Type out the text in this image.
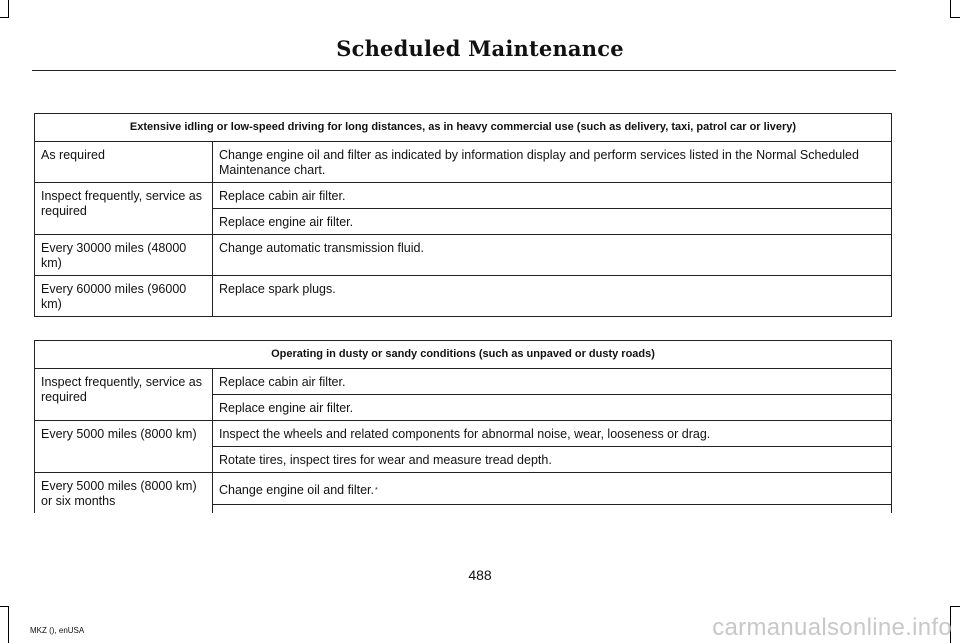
Scheduled Maintenance
Extensive idling or low-speed driving for long distances, as in heavy commercial use (such as delivery, taxi, patrol car or livery)	
As required	Change engine oil and filter as indicated by information display and perform services listed in the Normal Scheduled Maintenance chart.
Inspect frequently, service as required	Replace cabin air filter.
	Replace engine air filter.
Every 30000 miles (48000 km)	Change automatic transmission fluid.
Every 60000 miles (96000 km)	Replace spark plugs.
Operating in dusty or sandy conditions (such as unpaved or dusty roads)	
Inspect frequently, service as required	Replace cabin air filter.
	Replace engine air filter.
Every 5000 miles (8000 km)	Inspect the wheels and related components for abnormal noise, wear, looseness or drag.
	Rotate tires, inspect tires for wear and measure tread depth.
Every 5000 miles (8000 km) or six months	Change engine oil and filter.*

488
MKZ (), enUSA	carmanualsonline.info
